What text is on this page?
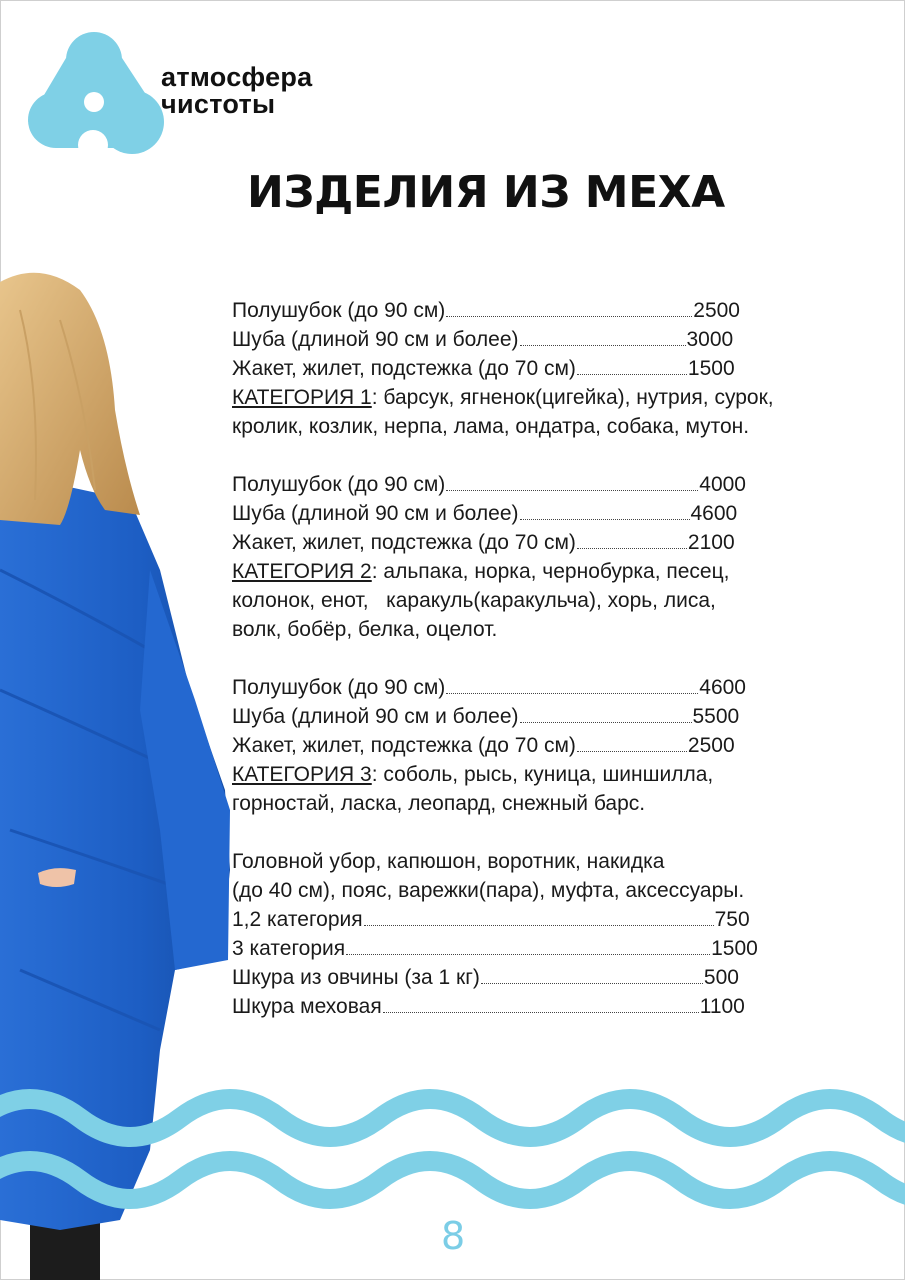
атмосфера
чистоты
ИЗДЕЛИЯ ИЗ МЕХА
Полушубок (до 90 см)	2500
Шуба (длиной 90 см и более)	3000
Жакет, жилет, подстежка (до 70 см)	1500
КАТЕГОРИЯ 1: барсук, ягненок(цигейка), нутрия, сурок,
кролик, козлик, нерпа, лама, ондатра, собака, мутон.
Полушубок (до 90 см)	4000
Шуба (длиной 90 см и более)	4600
Жакет, жилет, подстежка (до 70 см)	2100
КАТЕГОРИЯ 2: альпака, норка, чернобурка, песец,
колонок, енот,   каракуль(каракульча), хорь, лиса,
волк, бобёр, белка, оцелот.
Полушубок (до 90 см)	4600
Шуба (длиной 90 см и более)	5500
Жакет, жилет, подстежка (до 70 см)	2500
КАТЕГОРИЯ 3: соболь, рысь, куница, шиншилла,
горностай, ласка, леопард, снежный барс.
Головной убор, капюшон, воротник, накидка
(до 40 см), пояс, варежки(пара), муфта, аксессуары.
1,2 категория	750
3 категория	1500
Шкура из овчины (за 1 кг)	500
Шкура меховая	1100
8
